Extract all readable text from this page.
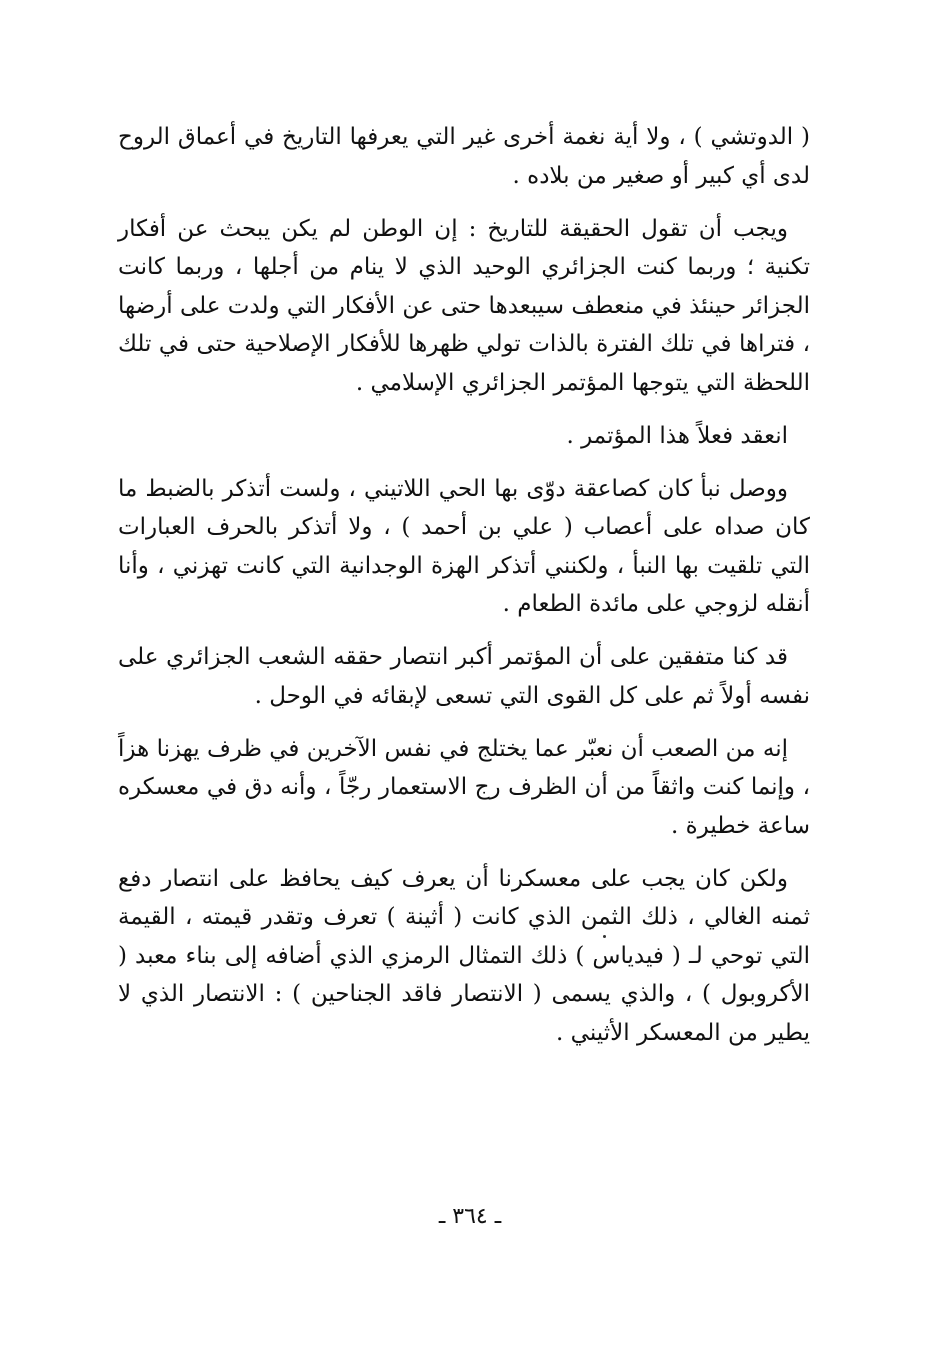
( الدوتشي ) ، ولا أية نغمة أخرى غير التي يعرفها التاريخ في أعماق الروح لدى أي كبير أو صغير من بلاده .

ويجب أن تقول الحقيقة للتاريخ : إن الوطن لم يكن يبحث عن أفكار تكنية ؛ وربما كنت الجزائري الوحيد الذي لا ينام من أجلها ، وربما كانت الجزائر حينئذ في منعطف سيبعدها حتى عن الأفكار التي ولدت على أرضها ، فتراها في تلك الفترة بالذات تولي ظهرها للأفكار الإصلاحية حتى في تلك اللحظة التي يتوجها المؤتمر الجزائري الإسلامي .

انعقد فعلاً هذا المؤتمر .

ووصل نبأ كان كصاعقة دوّى بها الحي اللاتيني ، ولست أتذكر بالضبط ما كان صداه على أعصاب ( علي بن أحمد ) ، ولا أتذكر بالحرف العبارات التي تلقيت بها النبأ ، ولكنني أتذكر الهزة الوجدانية التي كانت تهزني ، وأنا أنقله لزوجي على مائدة الطعام .

قد كنا متفقين على أن المؤتمر أكبر انتصار حققه الشعب الجزائري على نفسه أولاً ثم على كل القوى التي تسعى لإبقائه في الوحل .

إنه من الصعب أن نعبّر عما يختلج في نفس الآخرين في ظرف يهزنا هزاً ، وإنما كنت واثقاً من أن الظرف رج الاستعمار رجّاً ، وأنه دق في معسكره ساعة خطيرة .

ولكن كان يجب على معسكرنا أن يعرف كيف يحافظ على انتصار دفع ثمنه الغالي ، ذلك الثمن الذي كانت ( أثينة ) تعرف وتقدر قيمته ، القيمة التي توحي لـ ( فيدياس ) ذلك التمثال الرمزي الذي أضافه إلى بناء معبد ( الأكروبول ) ، والذي يسمى ( الانتصار فاقد الجناحين ) : الانتصار الذي لا يطير من المعسكر الأثيني .

ـ ٣٦٤ ـ
